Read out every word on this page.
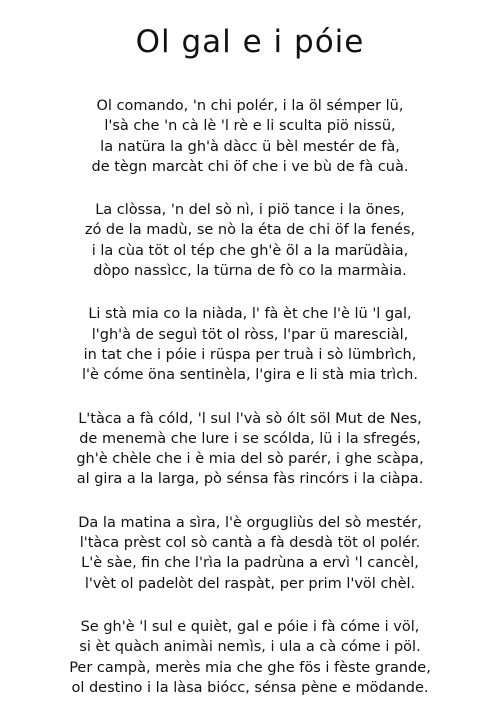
Ol gal e i póie
Ol comando, 'n chi polér, i la öl sémper lü,
l'sà che 'n cà lè 'l rè e li sculta piö nissü,
la natüra la gh'à dàcc ü bèl mestér de fà,
de tègn marcàt chi öf che i ve bù de fà cuà.
La clòssa, 'n del sò nì, i piö tance i la önes,
zó de la madù, se nò la éta de chi öf la fenés,
i la cùa töt ol tép che gh'è öl a la marüdàia,
dòpo nassìcc, la türna de fò co la marmàia.
Li stà mia co la niàda, l' fà èt che l'è lü 'l gal,
l'gh'à de seguì töt ol ròss, l'par ü maresciàl,
in tat che i póie i rüspa per truà i sò lümbrìch,
l'è cóme öna sentinèla, l'gira e li stà mia trìch.
L'tàca a fà cóld, 'l sul l'và sò ólt söl Mut de Nes,
de menemà che lure i se scólda, lü i la sfregés,
gh'è chèle che i è mia del sò parér, i ghe scàpa,
al gira a la larga, pò sénsa fàs rincórs i la ciàpa.
Da la matina a sìra, l'è orgugliùs del sò mestér,
l'tàca prèst col sò cantà a fà desdà töt ol polér.
L'è sàe, fin che l'rìa la padrùna a ervì 'l cancèl,
l'vèt ol padelòt del raspàt, per prim l'völ chèl.
Se gh'è 'l sul e quièt, gal e póie i fà cóme i völ,
si èt quàch animài nemìs, i ula a cà cóme i pöl.
Per campà, merès mia che ghe fös i fèste grande,
ol destino i la làsa biócc, sénsa pène e mödande.
